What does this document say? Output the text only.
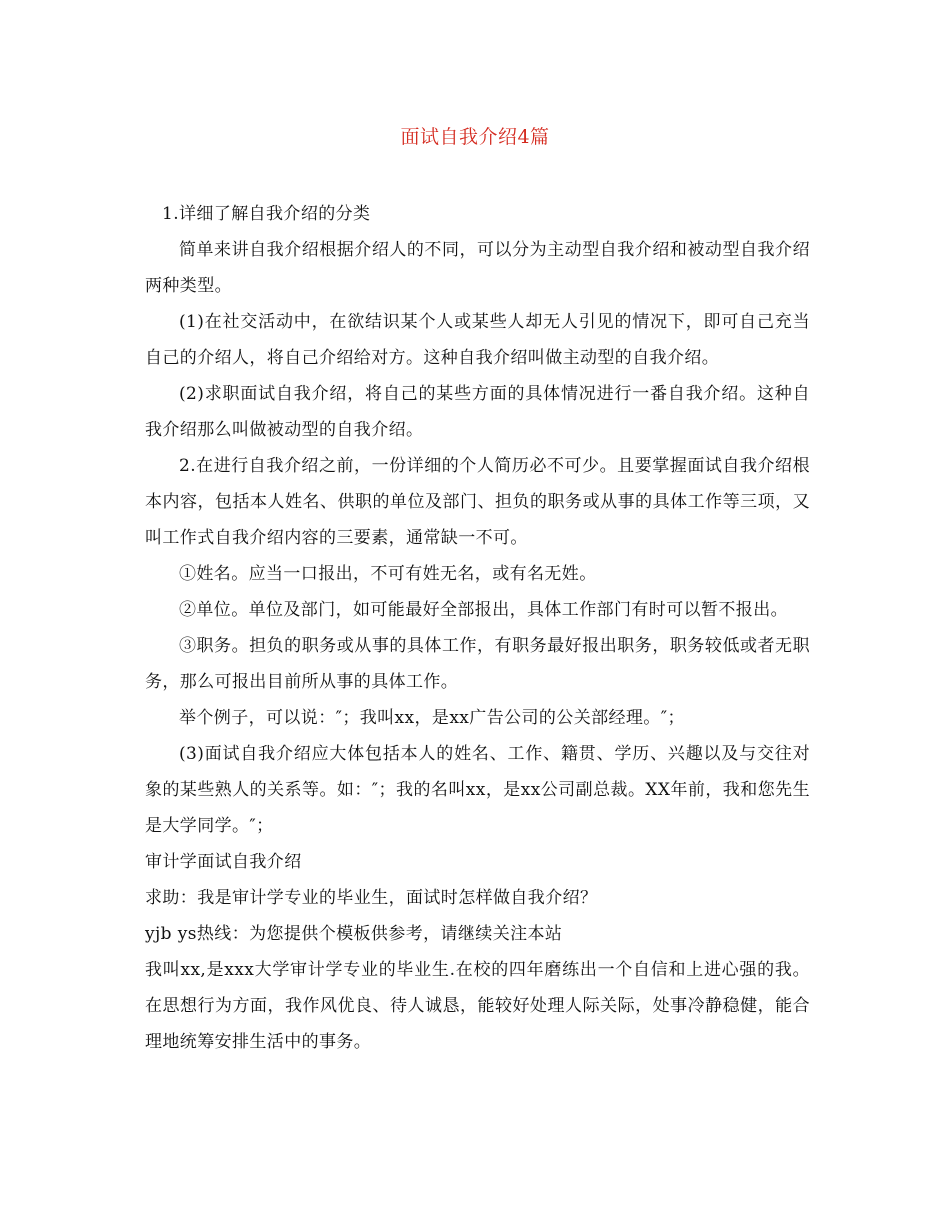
面试自我介绍4篇

1.详细了解自我介绍的分类

简单来讲自我介绍根据介绍人的不同，可以分为主动型自我介绍和被动型自我介绍两种类型。

(1)在社交活动中，在欲结识某个人或某些人却无人引见的情况下，即可自己充当自己的介绍人，将自己介绍给对方。这种自我介绍叫做主动型的自我介绍。

(2)求职面试自我介绍，将自己的某些方面的具体情况进行一番自我介绍。这种自我介绍那么叫做被动型的自我介绍。

2.在进行自我介绍之前，一份详细的个人简历必不可少。且要掌握面试自我介绍根本内容，包括本人姓名、供职的单位及部门、担负的职务或从事的具体工作等三项，又叫工作式自我介绍内容的三要素，通常缺一不可。

①姓名。应当一口报出，不可有姓无名，或有名无姓。

②单位。单位及部门，如可能最好全部报出，具体工作部门有时可以暂不报出。

③职务。担负的职务或从事的具体工作，有职务最好报出职务，职务较低或者无职务，那么可报出目前所从事的具体工作。

举个例子，可以说：″；我叫xx，是xx广告公司的公关部经理。″；

(3)面试自我介绍应大体包括本人的姓名、工作、籍贯、学历、兴趣以及与交往对象的某些熟人的关系等。如：″；我的名叫xx，是xx公司副总裁。XX年前，我和您先生是大学同学。″；

审计学面试自我介绍

求助：我是审计学专业的毕业生，面试时怎样做自我介绍？

yjb ys热线：为您提供个模板供参考，请继续关注本站

我叫xx,是xxx大学审计学专业的毕业生.在校的四年磨练出一个自信和上进心强的我。在思想行为方面，我作风优良、待人诚恳，能较好处理人际关际，处事冷静稳健，能合理地统筹安排生活中的事务。
